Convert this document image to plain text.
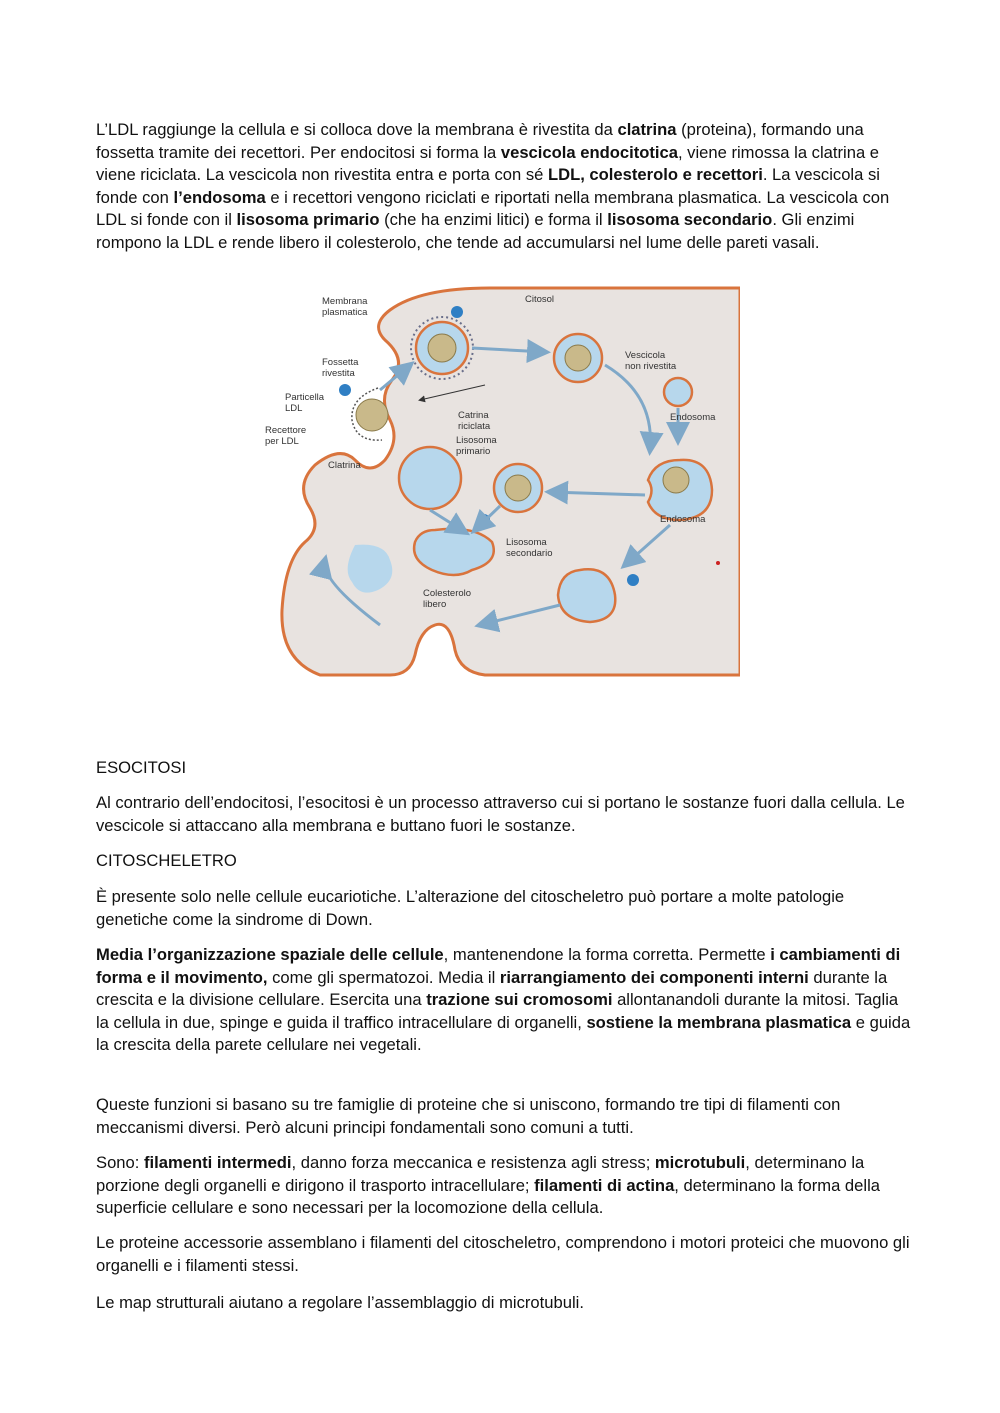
L’LDL raggiunge la cellula e si colloca dove la membrana è rivestita da clatrina (proteina), formando una fossetta tramite dei recettori. Per endocitosi si forma la vescicola endocitotica, viene rimossa la clatrina e viene riciclata. La vescicola non rivestita entra e porta con sé LDL, colesterolo e recettori. La vescicola si fonde con l’endosoma e i recettori vengono riciclati e riportati nella membrana plasmatica. La vescicola con LDL si fonde con il lisosoma primario (che ha enzimi litici) e forma il lisosoma secondario. Gli enzimi rompono la LDL e rende libero il colesterolo, che tende ad accumularsi nel lume delle pareti vasali.

Membrana
plasmatica
Citosol
Fossetta
rivestita
Vescicola
non rivestita
Particella
LDL
Recettore
per LDL
Catrina
riciclata
Endosoma
Lisosoma
primario
Clatrina
Endosoma
Lisosoma
secondario
Colesterolo
libero
ESOCITOSI

Al contrario dell’endocitosi, l’esocitosi è un processo attraverso cui si portano le sostanze fuori dalla cellula. Le vescicole si attaccano alla membrana e buttano fuori le sostanze.

CITOSCHELETRO

È presente solo nelle cellule eucariotiche. L’alterazione del citoscheletro può portare a molte patologie genetiche come la sindrome di Down.

Media l’organizzazione spaziale delle cellule, mantenendone la forma corretta. Permette i cambiamenti di forma e il movimento, come gli spermatozoi. Media il riarrangiamento dei componenti interni durante la crescita e la divisione cellulare. Esercita una trazione sui cromosomi allontanandoli durante la mitosi. Taglia la cellula in due, spinge e guida il traffico intracellulare di organelli, sostiene la membrana plasmatica e guida la crescita della parete cellulare nei vegetali.

Queste funzioni si basano su tre famiglie di proteine che si uniscono, formando tre tipi di filamenti con meccanismi diversi. Però alcuni principi fondamentali sono comuni a tutti.

Sono: filamenti intermedi, danno forza meccanica e resistenza agli stress; microtubuli, determinano la porzione degli organelli e dirigono il trasporto intracellulare; filamenti di actina, determinano la forma della superficie cellulare e sono necessari per la locomozione della cellula.

Le proteine accessorie assemblano i filamenti del citoscheletro, comprendono i motori proteici che muovono gli organelli e i filamenti stessi.

Le map strutturali aiutano a regolare l’assemblaggio di microtubuli.
